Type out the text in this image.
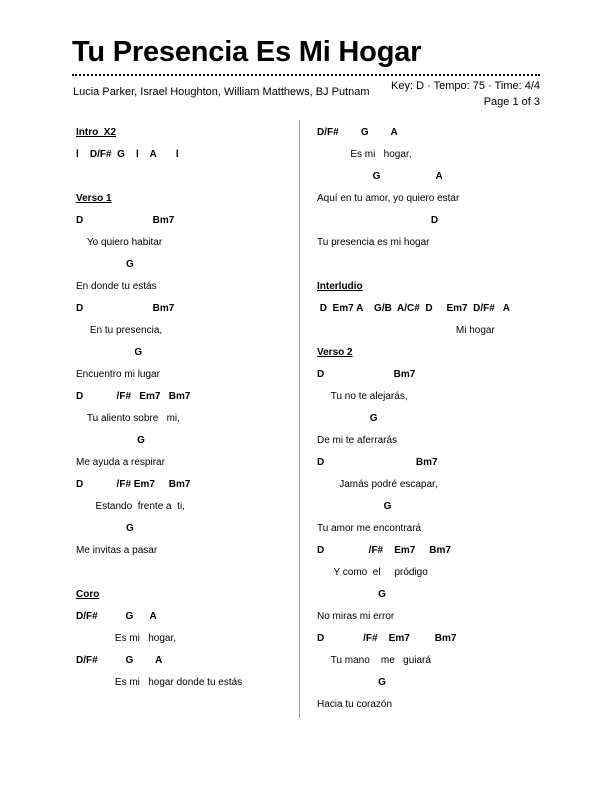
Tu Presencia Es Mi Hogar
Lucia Parker, Israel Houghton, William Matthews, BJ Putnam Key: D · Tempo: 75 · Time: 4/4
Page 1 of 3
Intro  X2
l    D/F#  G    l    A       l
Verso 1
D                         Bm7
Yo quiero habitar
G
En donde tu estás
D                         Bm7
En tu presencia,
G
Encuentro mi lugar
D            /F#   Em7   Bm7
Tu aliento sobre   mi,
G
Me ayuda a respirar
D            /F# Em7     Bm7
Estando  frente a  ti,
G
Me invitas a pasar
Coro
D/F#          G      A
Es mi   hogar,
D/F#          G        A
Es mi   hogar donde tu estás
D/F#        G        A
Es mi   hogar,
G                    A
Aquí en tu amor, yo quiero estar
D
Tu presencia es mi hogar
Interludio
D  Em7 A    G/B  A/C#  D     Em7  D/F#   A
Mi hogar
Verso 2
D                         Bm7
Tu no te alejarás,
G
De mi te aferrarás
D                                 Bm7
Jamás podré escapar,
G
Tu amor me encontrará
D                /F#    Em7     Bm7
Y como  el     pródigo
G
No miras mi error
D              /F#    Em7         Bm7
Tu mano    me   guiará
G
Hacia tu corazón
